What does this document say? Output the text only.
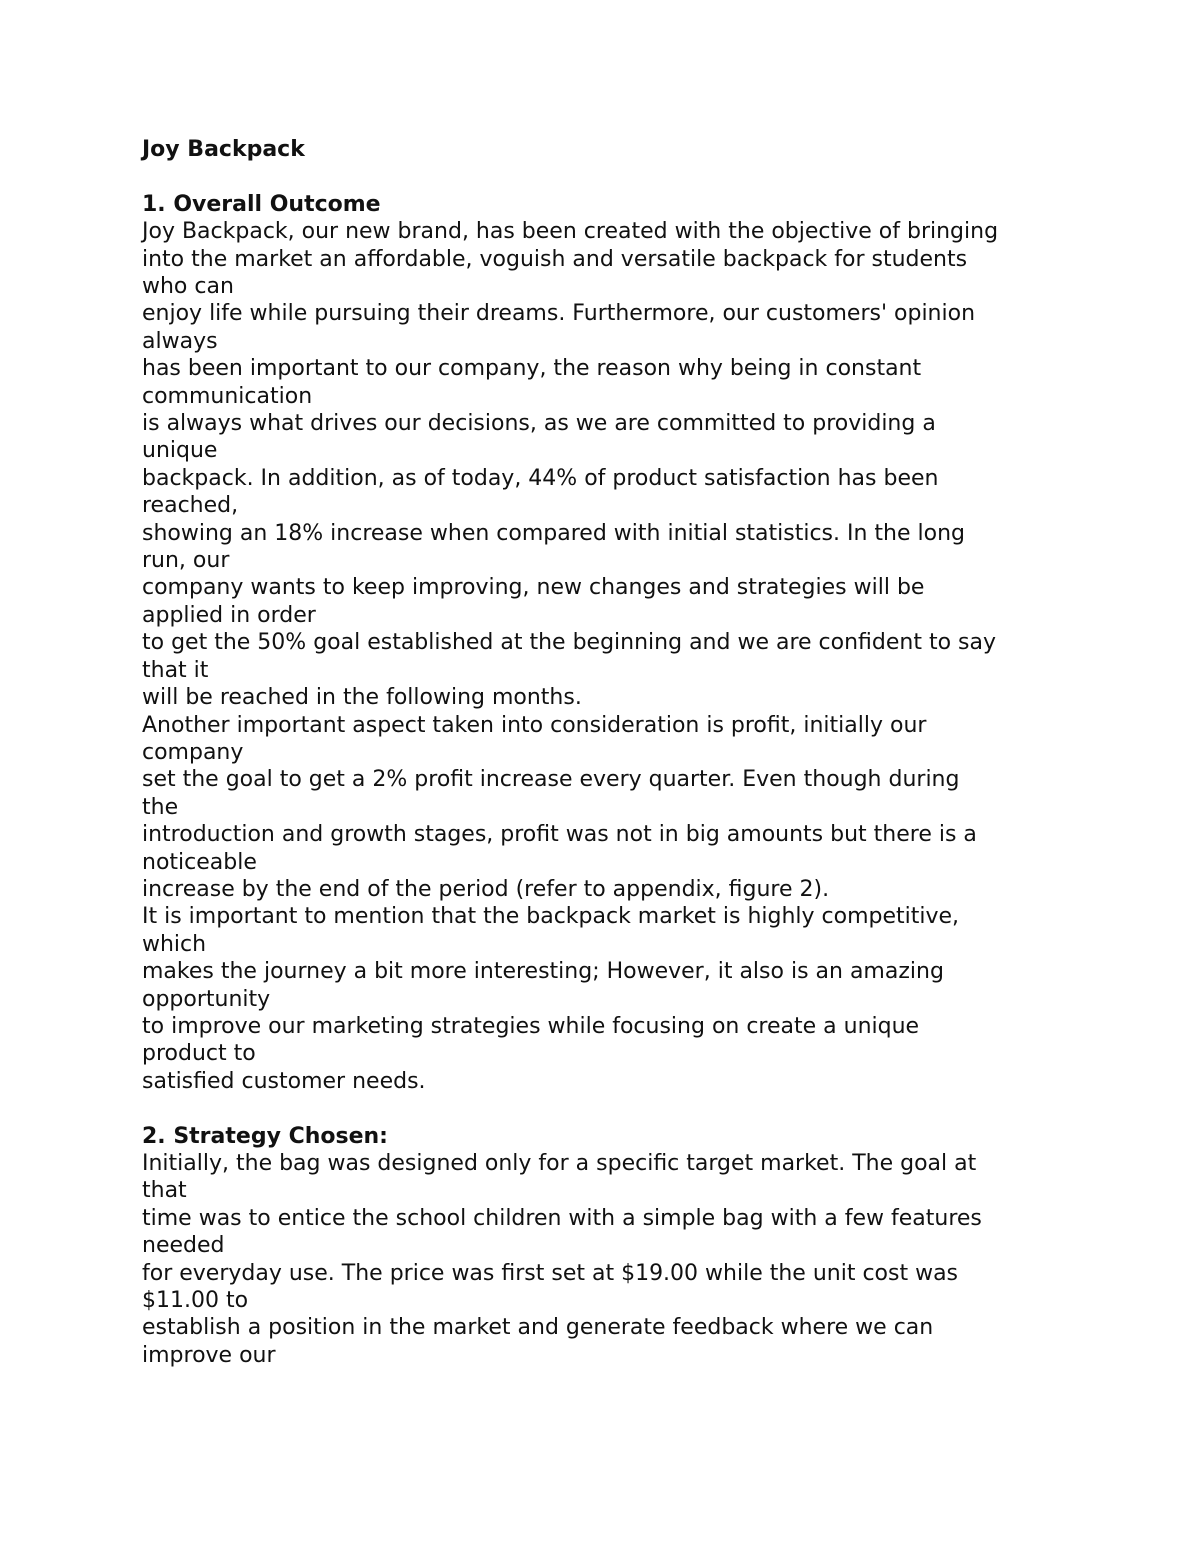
Joy Backpack
1. Overall Outcome
Joy Backpack, our new brand, has been created with the objective of bringing
into the market an affordable, voguish and versatile backpack for students
who can
enjoy life while pursuing their dreams. Furthermore, our customers' opinion
always
has been important to our company, the reason why being in constant
communication
is always what drives our decisions, as we are committed to providing a
unique
backpack. In addition, as of today, 44% of product satisfaction has been
reached,
showing an 18% increase when compared with initial statistics. In the long
run, our
company wants to keep improving, new changes and strategies will be
applied in order
to get the 50% goal established at the beginning and we are confident to say
that it
will be reached in the following months.
Another important aspect taken into consideration is profit, initially our
company
set the goal to get a 2% profit increase every quarter. Even though during
the
introduction and growth stages, profit was not in big amounts but there is a
noticeable
increase by the end of the period (refer to appendix, figure 2).
It is important to mention that the backpack market is highly competitive,
which
makes the journey a bit more interesting; However, it also is an amazing
opportunity
to improve our marketing strategies while focusing on create a unique
product to
satisfied customer needs.
2. Strategy Chosen:
Initially, the bag was designed only for a specific target market. The goal at
that
time was to entice the school children with a simple bag with a few features
needed
for everyday use. The price was first set at $19.00 while the unit cost was
$11.00 to
establish a position in the market and generate feedback where we can
improve our
